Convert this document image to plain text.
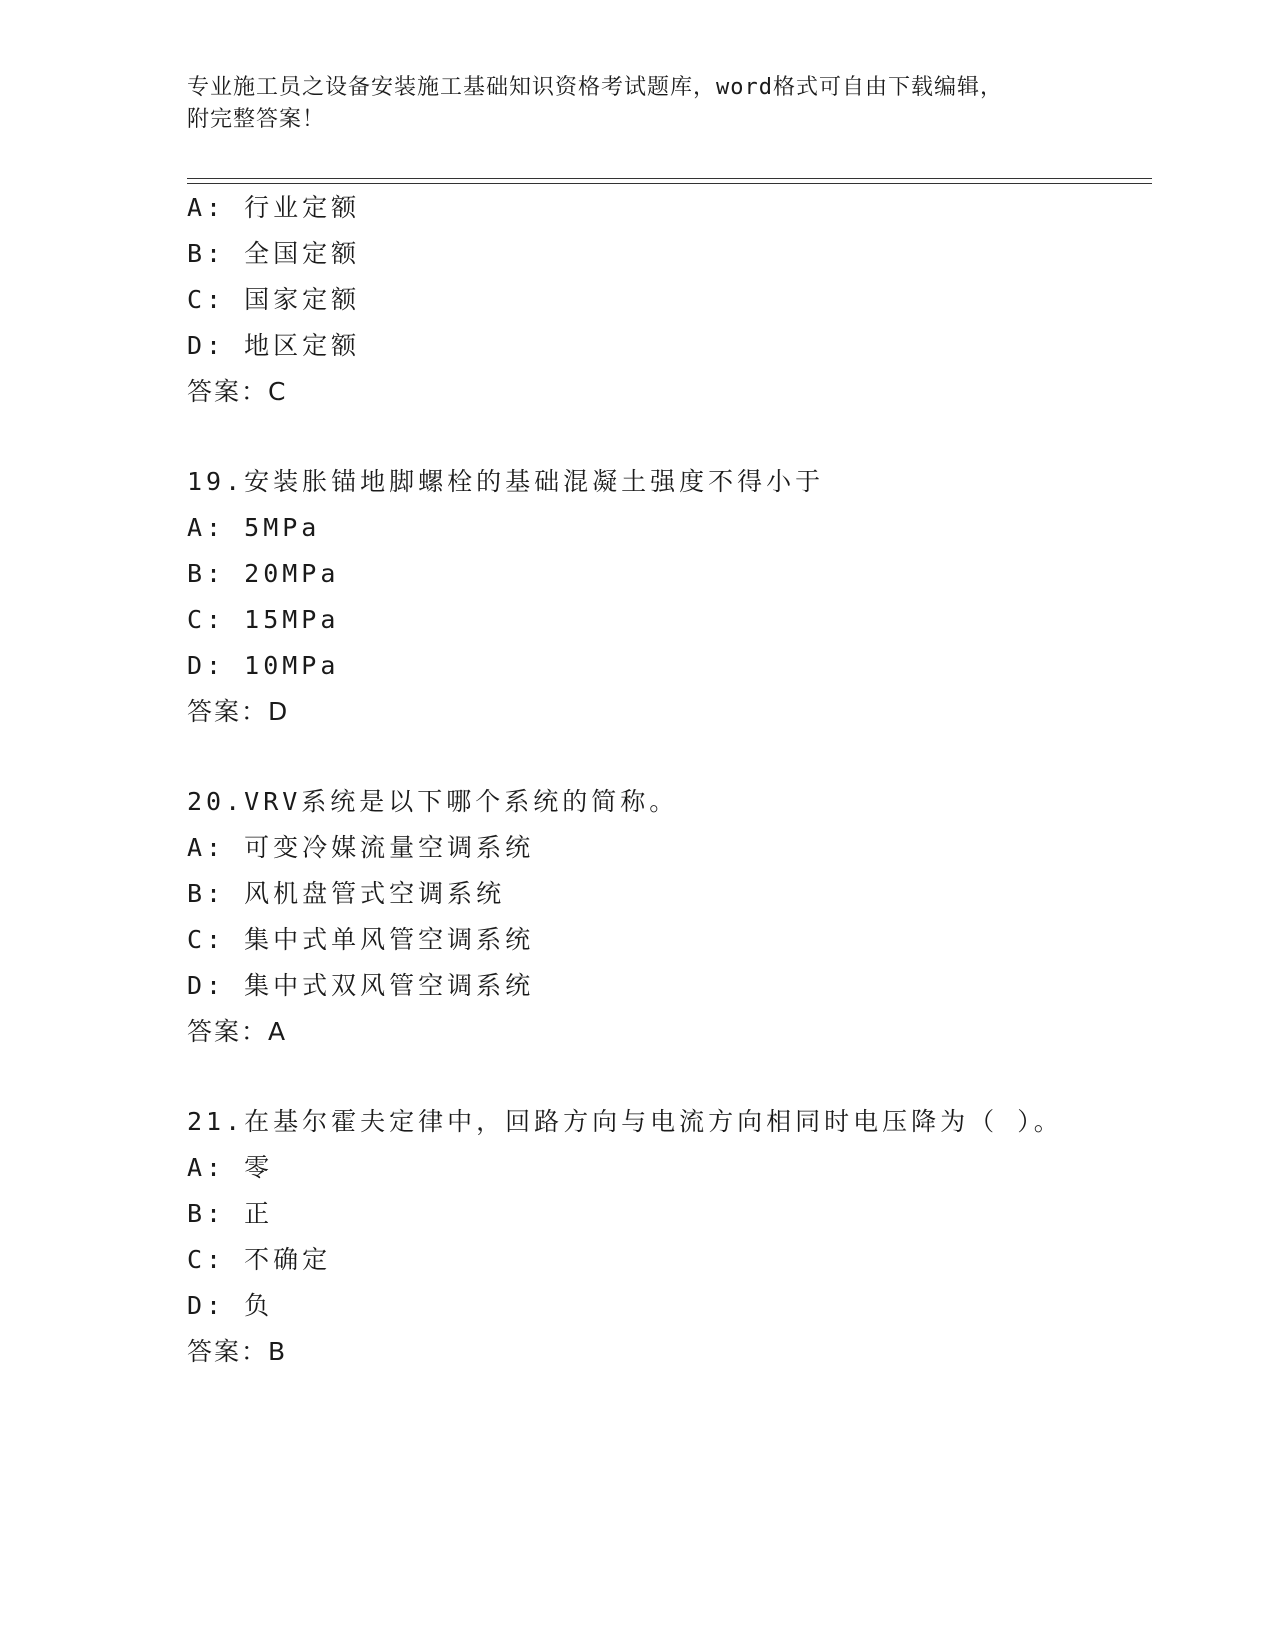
专业施工员之设备安装施工基础知识资格考试题库，word格式可自由下载编辑，
附完整答案！
A: 行业定额
B: 全国定额
C: 国家定额
D: 地区定额
答案：C
19.安装胀锚地脚螺栓的基础混凝土强度不得小于
A: 5MPa
B: 20MPa
C: 15MPa
D: 10MPa
答案：D
20.VRV系统是以下哪个系统的简称。
A: 可变冷媒流量空调系统
B: 风机盘管式空调系统
C: 集中式单风管空调系统
D: 集中式双风管空调系统
答案：A
21.在基尔霍夫定律中，回路方向与电流方向相同时电压降为（ ）。
A: 零
B: 正
C: 不确定
D: 负
答案：B
